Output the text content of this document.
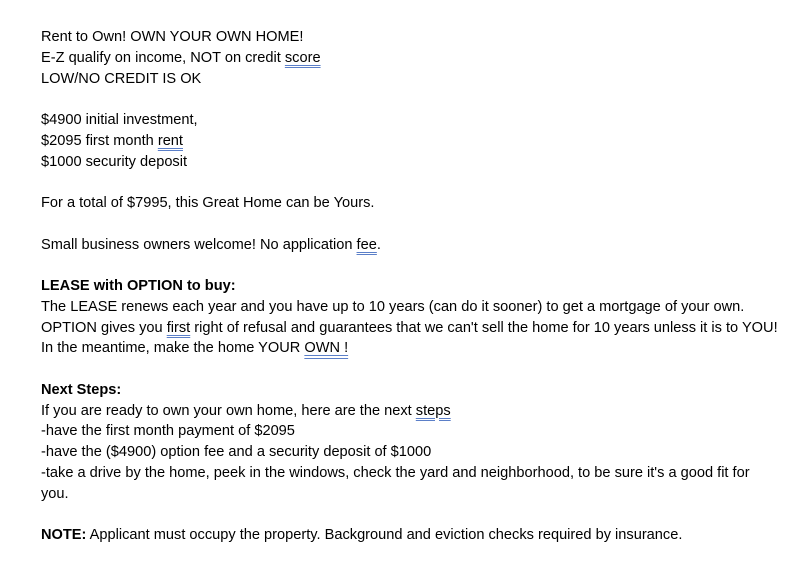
Rent to Own! OWN YOUR OWN HOME!
E-Z qualify on income, NOT on credit score
LOW/NO CREDIT IS OK
$4900 initial investment,
$2095 first month rent
$1000 security deposit
For a total of $7995, this Great Home can be Yours.
Small business owners welcome! No application fee.
LEASE with OPTION to buy:
The LEASE renews each year and you have up to 10 years (can do it sooner) to get a mortgage of your own. OPTION gives you first right of refusal and guarantees that we can't sell the home for 10 years unless it is to YOU! In the meantime, make the home YOUR OWN !
Next Steps:
If you are ready to own your own home, here are the next steps
-have the first month payment of $2095
-have the ($4900) option fee and a security deposit of $1000
-take a drive by the home, peek in the windows, check the yard and neighborhood, to be sure it's a good fit for you.
NOTE: Applicant must occupy the property. Background and eviction checks required by insurance.
